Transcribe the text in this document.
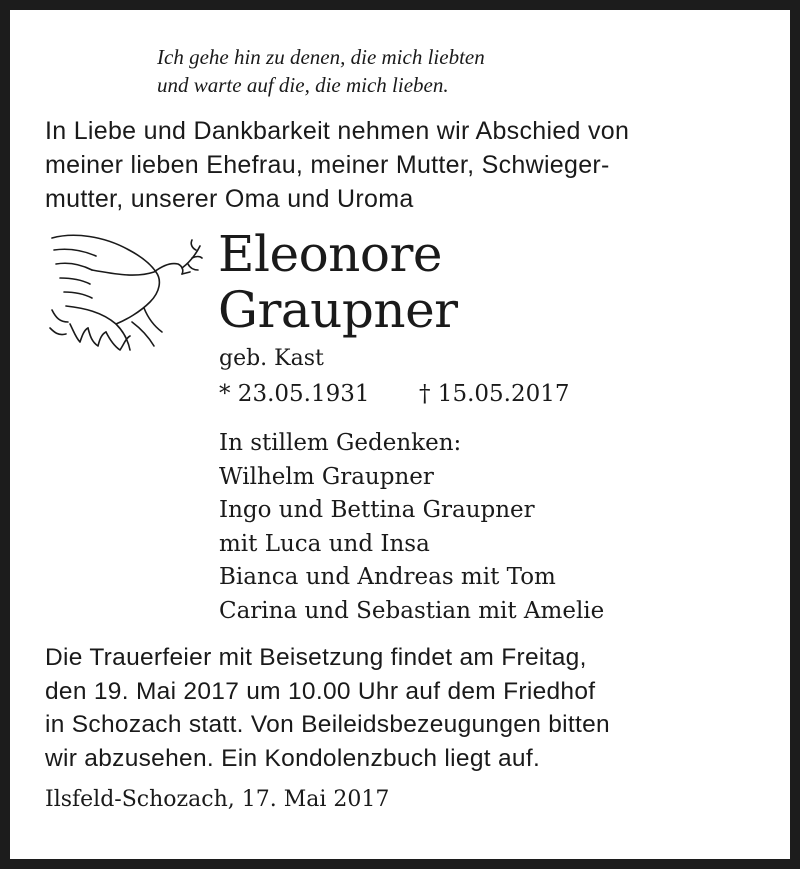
Ich gehe hin zu denen, die mich liebten
und warte auf die, die mich lieben.
In Liebe und Dankbarkeit nehmen wir Abschied von
meiner lieben Ehefrau, meiner Mutter, Schwieger-
mutter, unserer Oma und Uroma
Eleonore
Graupner
geb. Kast
* 23.05.1931 † 15.05.2017
In stillem Gedenken:
Wilhelm Graupner
Ingo und Bettina Graupner
mit Luca und Insa
Bianca und Andreas mit Tom
Carina und Sebastian mit Amelie
Die Trauerfeier mit Beisetzung findet am Freitag,
den 19. Mai 2017 um 10.00 Uhr auf dem Friedhof
in Schozach statt. Von Beileidsbezeugungen bitten
wir abzusehen. Ein Kondolenzbuch liegt auf.
Ilsfeld-Schozach, 17. Mai 2017
